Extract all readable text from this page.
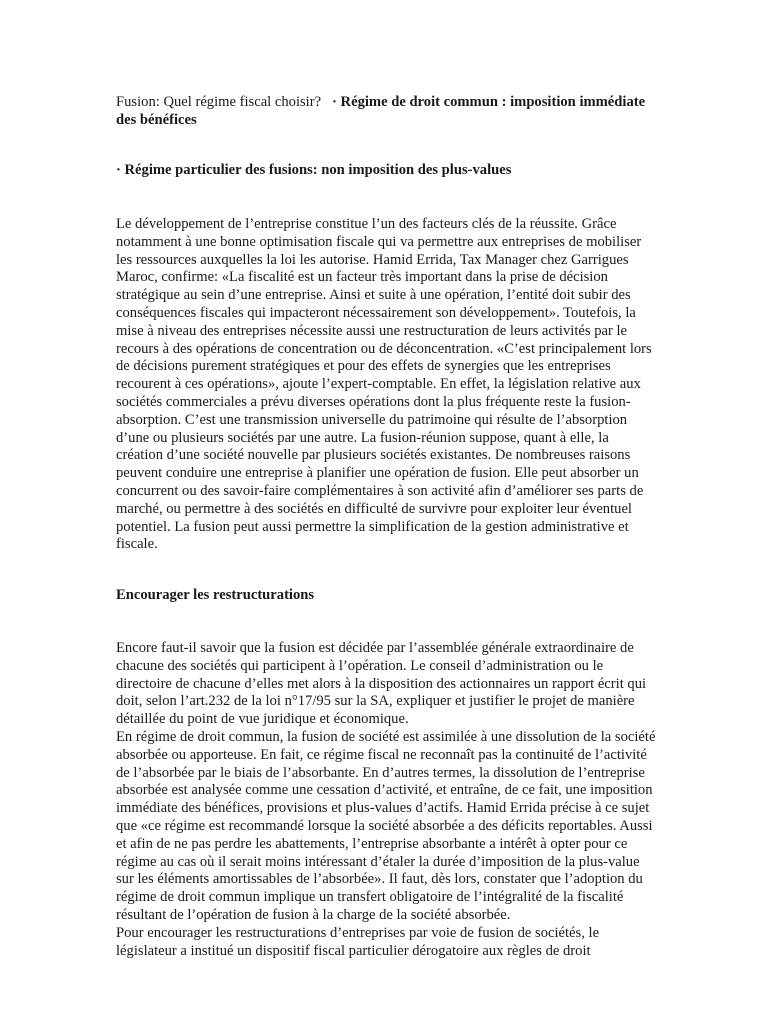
Fusion: Quel régime fiscal choisir? · Régime de droit commun : imposition immédiate des bénéfices
· Régime particulier des fusions: non imposition des plus-values

Le développement de l’entreprise constitue l’un des facteurs clés de la réussite. Grâce notamment à une bonne optimisation fiscale qui va permettre aux entreprises de mobiliser les ressources auxquelles la loi les autorise. Hamid Errida, Tax Manager chez Garrigues Maroc, confirme: «La fiscalité est un facteur très important dans la prise de décision stratégique au sein d’une entreprise. Ainsi et suite à une opération, l’entité doit subir des conséquences fiscales qui impacteront nécessairement son développement». Toutefois, la mise à niveau des entreprises nécessite aussi une restructuration de leurs activités par le recours à des opérations de concentration ou de déconcentration. «C’est principalement lors de décisions purement stratégiques et pour des effets de synergies que les entreprises recourent à ces opérations», ajoute l’expert-comptable. En effet, la législation relative aux sociétés commerciales a prévu diverses opérations dont la plus fréquente reste la fusion-absorption. C’est une transmission universelle du patrimoine qui résulte de l’absorption d’une ou plusieurs sociétés par une autre. La fusion-réunion suppose, quant à elle, la création d’une société nouvelle par plusieurs sociétés existantes. De nombreuses raisons peuvent conduire une entreprise à planifier une opération de fusion. Elle peut absorber un concurrent ou des savoir-faire complémentaires à son activité afin d’améliorer ses parts de marché, ou permettre à des sociétés en difficulté de survivre pour exploiter leur éventuel potentiel. La fusion peut aussi permettre la simplification de la gestion administrative et fiscale.

Encourager les restructurations

Encore faut-il savoir que la fusion est décidée par l’assemblée générale extraordinaire de chacune des sociétés qui participent à l’opération. Le conseil d’administration ou le directoire de chacune d’elles met alors à la disposition des actionnaires un rapport écrit qui doit, selon l’art.232 de la loi n°17/95 sur la SA, expliquer et justifier le projet de manière détaillée du point de vue juridique et économique.

En régime de droit commun, la fusion de société est assimilée à une dissolution de la société absorbée ou apporteuse. En fait, ce régime fiscal ne reconnaît pas la continuité de l’activité de l’absorbée par le biais de l’absorbante. En d’autres termes, la dissolution de l’entreprise absorbée est analysée comme une cessation d’activité, et entraîne, de ce fait, une imposition immédiate des bénéfices, provisions et plus-values d’actifs. Hamid Errida précise à ce sujet que «ce régime est recommandé lorsque la société absorbée a des déficits reportables. Aussi et afin de ne pas perdre les abattements, l’entreprise absorbante a intérêt à opter pour ce régime au cas où il serait moins intéressant d’étaler la durée d’imposition de la plus-value sur les éléments amortissables de l’absorbée». Il faut, dès lors, constater que l’adoption du régime de droit commun implique un transfert obligatoire de l’intégralité de la fiscalité résultant de l’opération de fusion à la charge de la société absorbée.

Pour encourager les restructurations d’entreprises par voie de fusion de sociétés, le législateur a institué un dispositif fiscal particulier dérogatoire aux règles de droit
